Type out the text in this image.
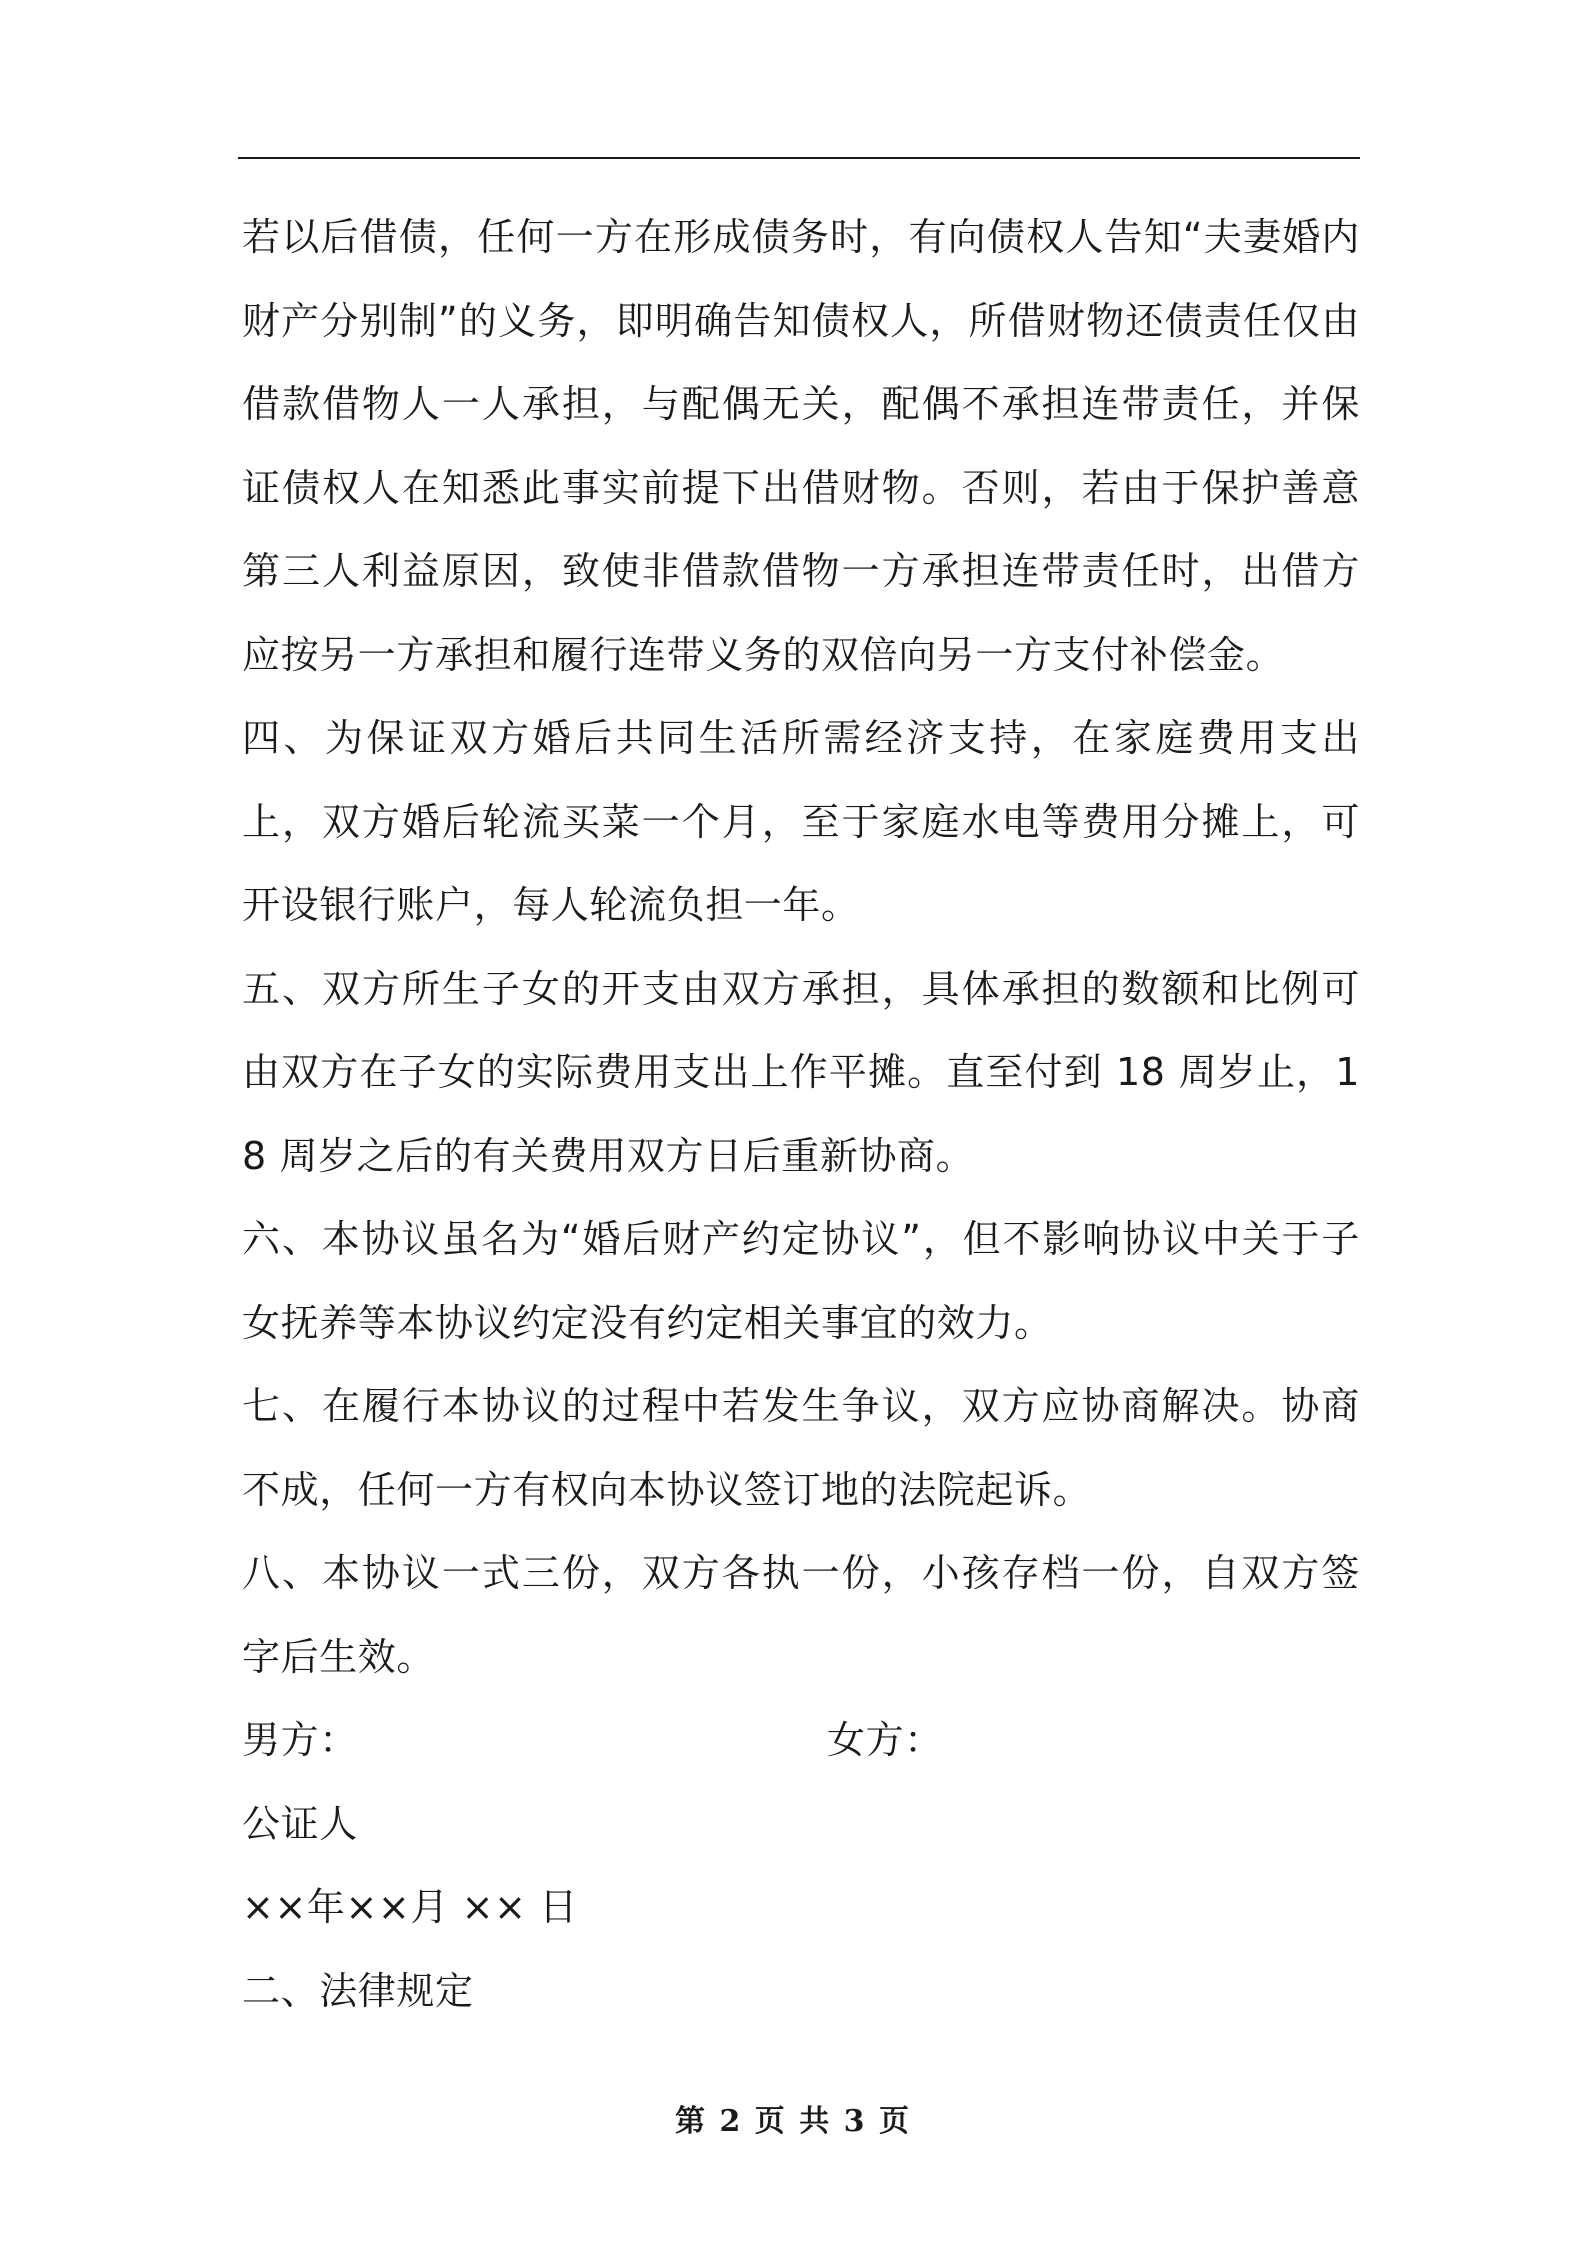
若以后借债，任何一方在形成债务时，有向债权人告知“夫妻婚内财产分别制”的义务，即明确告知债权人，所借财物还债责任仅由借款借物人一人承担，与配偶无关，配偶不承担连带责任，并保证债权人在知悉此事实前提下出借财物。否则，若由于保护善意第三人利益原因，致使非借款借物一方承担连带责任时，出借方应按另一方承担和履行连带义务的双倍向另一方支付补偿金。

四、为保证双方婚后共同生活所需经济支持，在家庭费用支出上，双方婚后轮流买菜一个月，至于家庭水电等费用分摊上，可开设银行账户，每人轮流负担一年。

五、双方所生子女的开支由双方承担，具体承担的数额和比例可由双方在子女的实际费用支出上作平摊。直至付到 18 周岁止，18 周岁之后的有关费用双方日后重新协商。

六、本协议虽名为“婚后财产约定协议”，但不影响协议中关于子女抚养等本协议约定没有约定相关事宜的效力。

七、在履行本协议的过程中若发生争议，双方应协商解决。协商不成，任何一方有权向本协议签订地的法院起诉。

八、本协议一式三份，双方各执一份，小孩存档一份，自双方签字后生效。

男方：	女方：
公证人
××年××月 ×× 日
二、法律规定
第 2 页 共 3 页
